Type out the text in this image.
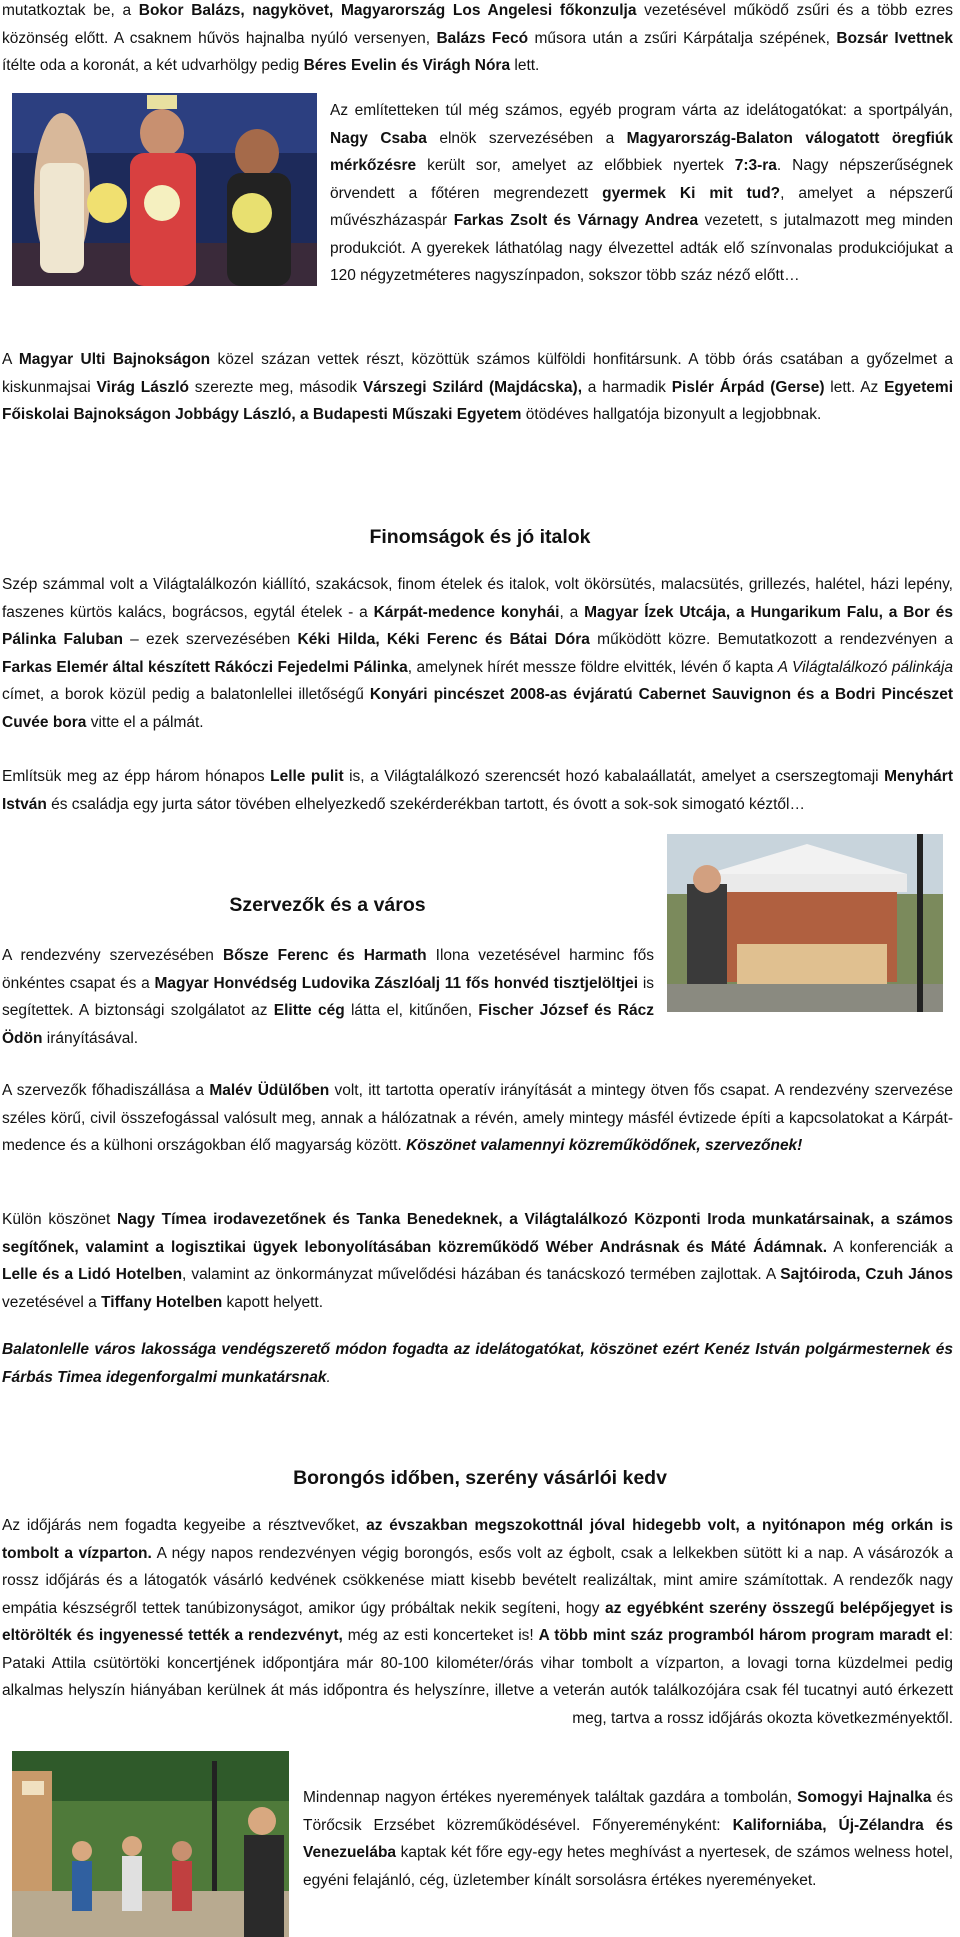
mutatkoztak be, a Bokor Balázs, nagykövet, Magyarország Los Angelesi főkonzulja vezetésével működő zsűri és a több ezres közönség előtt. A csaknem hűvös hajnalba nyúló versenyen, Balázs Fecó műsora után a zsűri Kárpátalja szépének, Bozsár Ivettnek ítélte oda a koronát, a két udvarhölgy pedig Béres Evelin és Virágh Nóra lett.

Az említetteken túl még számos, egyéb program várta az idelátogatókat: a sportpályán, Nagy Csaba elnök szervezésében a Magyarország-Balaton válogatott öregfiúk mérkőzésre került sor, amelyet az előbbiek nyertek 7:3-ra. Nagy népszerűségnek örvendett a főtéren megrendezett gyermek Ki mit tud?, amelyet a népszerű művészházaspár Farkas Zsolt és Várnagy Andrea vezetett, s jutalmazott meg minden produkciót. A gyerekek láthatólag nagy élvezettel adták elő színvonalas produkciójukat a 120 négyzetméteres nagyszínpadon, sokszor több száz néző előtt…

A Magyar Ulti Bajnokságon közel százan vettek részt, közöttük számos külföldi honfitársunk. A több órás csatában a győzelmet a kiskunmajsai Virág László szerezte meg, második Várszegi Szilárd (Majdácska), a harmadik Pislér Árpád (Gerse) lett. Az Egyetemi Főiskolai Bajnokságon Jobbágy László, a Budapesti Műszaki Egyetem ötödéves hallgatója bizonyult a legjobbnak.

Finomságok és jó italok

Szép számmal volt a Világtalálkozón kiállító, szakácsok, finom ételek és italok, volt ökörsütés, malacsütés, grillezés, halétel, házi lepény, faszenes kürtös kalács, bográcsos, egytál ételek - a Kárpát-medence konyhái, a Magyar Ízek Utcája, a Hungarikum Falu, a Bor és Pálinka Faluban – ezek szervezésében Kéki Hilda, Kéki Ferenc és Bátai Dóra működött közre. Bemutatkozott a rendezvényen a Farkas Elemér által készített Rákóczi Fejedelmi Pálinka, amelynek hírét messze földre elvitték, lévén ő kapta A Világtalálkozó pálinkája címet, a borok közül pedig a balatonlellei illetőségű Konyári pincészet 2008-as évjáratú Cabernet Sauvignon és a Bodri Pincészet Cuvée bora vitte el a pálmát.

Említsük meg az épp három hónapos Lelle pulit is, a Világtalálkozó szerencsét hozó kabalaállatát, amelyet a cserszegtomaji Menyhárt István és családja egy jurta sátor tövében elhelyezkedő szekérderékban tartott, és óvott a sok-sok simogató kéztől…

Szervezők és a város

A rendezvény szervezésében Bősze Ferenc és Harmath Ilona vezetésével harminc fős önkéntes csapat és a Magyar Honvédség Ludovika Zászlóalj 11 fős honvéd tisztjelöltjei is segítettek. A biztonsági szolgálatot az Elitte cég látta el, kitűnően, Fischer József és Rácz Ödön irányításával.

A szervezők főhadiszállása a Malév Üdülőben volt, itt tartotta operatív irányítását a mintegy ötven fős csapat. A rendezvény szervezése széles körű, civil összefogással valósult meg, annak a hálózatnak a révén, amely mintegy másfél évtizede építi a kapcsolatokat a Kárpát-medence és a külhoni országokban élő magyarság között. Köszönet valamennyi közreműködőnek, szervezőnek!

Külön köszönet Nagy Tímea irodavezetőnek és Tanka Benedeknek, a Világtalálkozó Központi Iroda munkatársainak, a számos segítőnek, valamint a logisztikai ügyek lebonyolításában közreműködő Wéber Andrásnak és Máté Ádámnak. A konferenciák a Lelle és a Lidó Hotelben, valamint az önkormányzat művelődési házában és tanácskozó termében zajlottak. A Sajtóiroda, Czuh János vezetésével a Tiffany Hotelben kapott helyett.

Balatonlelle város lakossága vendégszerető módon fogadta az idelátogatókat, köszönet ezért Kenéz István polgármesternek és Fárbás Timea idegenforgalmi munkatársnak.

Borongós időben, szerény vásárlói kedv

Az időjárás nem fogadta kegyeibe a résztvevőket, az évszakban megszokottnál jóval hidegebb volt, a nyitónapon még orkán is tombolt a vízparton. A négy napos rendezvényen végig borongós, esős volt az égbolt, csak a lelkekben sütött ki a nap. A vásározók a rossz időjárás és a látogatók vásárló kedvének csökkenése miatt kisebb bevételt realizáltak, mint amire számítottak. A rendezők nagy empátia készségről tettek tanúbizonyságot, amikor úgy próbáltak nekik segíteni, hogy az egyébként szerény összegű belépőjegyet is eltörölték és ingyenessé tették a rendezvényt, még az esti koncerteket is! A több mint száz programból három program maradt el: Pataki Attila csütörtöki koncertjének időpontjára már 80-100 kilométer/órás vihar tombolt a vízparton, a lovagi torna küzdelmei pedig alkalmas helyszín hiányában kerülnek át más időpontra és helyszínre, illetve a veterán autók találkozójára csak fél tucatnyi autó érkezett meg, tartva a rossz időjárás okozta következményektől.

Mindennap nagyon értékes nyeremények találtak gazdára a tombolán, Somogyi Hajnalka és Törőcsik Erzsébet közreműködésével. Főnyereményként: Kaliforniába, Új-Zélandra és Venezuelába kaptak két főre egy-egy hetes meghívást a nyertesek, de számos welness hotel, egyéni felajánló, cég, üzletember kínált sorsolásra értékes nyereményeket.
